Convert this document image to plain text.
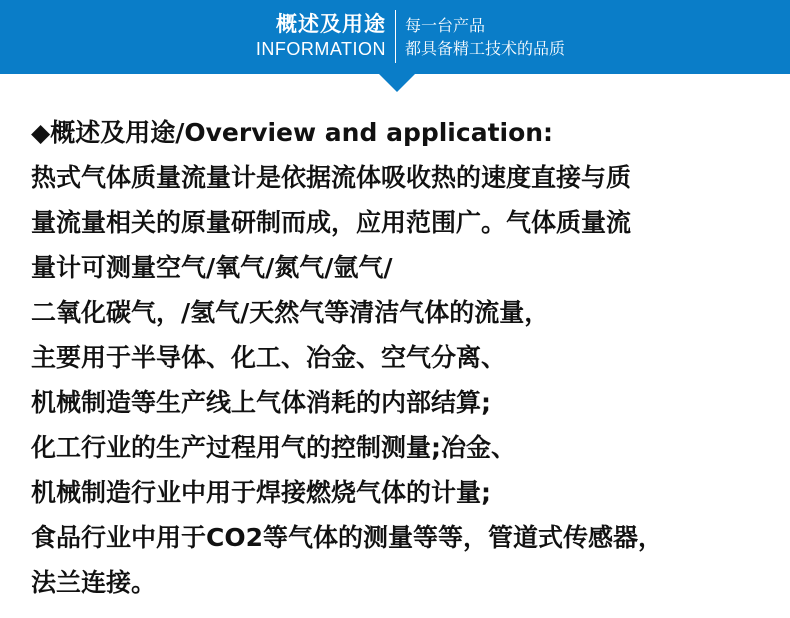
概述及用途
INFORMATION
每一台产品
都具备精工技术的品质
◆概述及用途/Overview and application:
热式气体质量流量计是依据流体吸收热的速度直接与质
量流量相关的原量研制而成，应用范围广。气体质量流
量计可测量空气/氧气/氮气/氩气/
二氧化碳气，/氢气/天然气等清洁气体的流量，
主要用于半导体、化工、冶金、空气分离、
机械制造等生产线上气体消耗的内部结算;
化工行业的生产过程用气的控制测量;冶金、
机械制造行业中用于焊接燃烧气体的计量;
食品行业中用于CO2等气体的测量等等，管道式传感器，
法兰连接。
